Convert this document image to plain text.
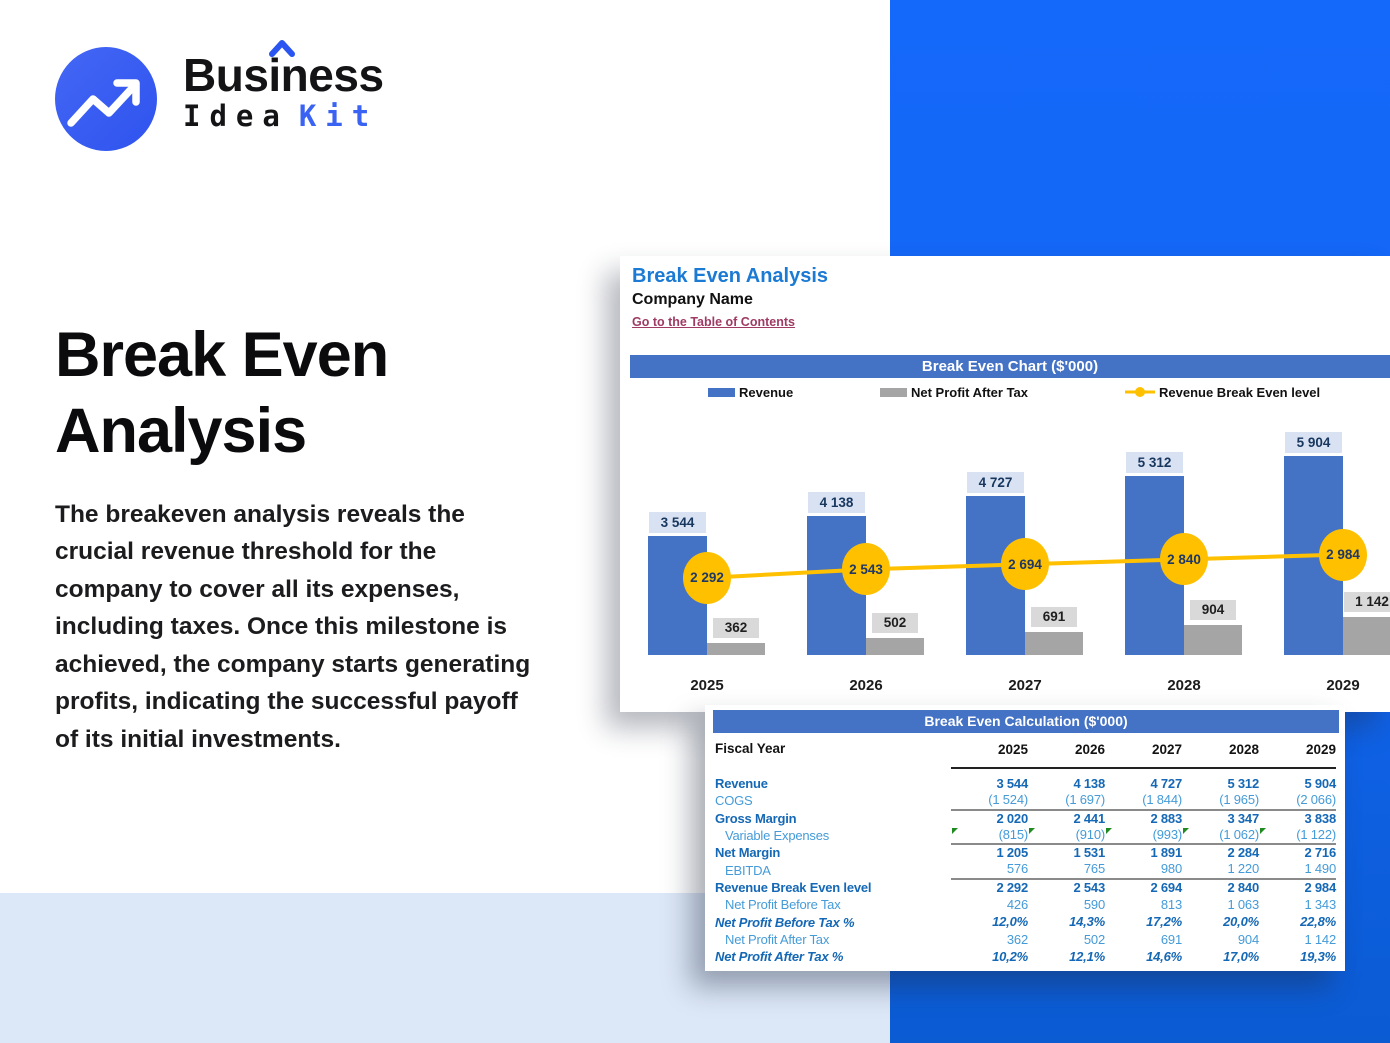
Business
Idea Kit
Break Even Analysis
The breakeven analysis reveals the crucial revenue threshold for the company to cover all its expenses, including taxes. Once this milestone is achieved, the company starts generating profits, indicating the successful payoff of its initial investments.
Break Even Analysis
Company Name
Go to the Table of Contents
Break Even Chart ($'000)
Revenue	Net Profit After Tax	Revenue Break Even level
3 544
362
2025
4 138
502
2026
4 727
691
2027
5 312
904
2028
5 904
1 142
2029
2 292
2 543	2 694	2 840	2 984
Break Even Calculation ($'000)
Fiscal Year	2025	2026	2027	2028	2029
Revenue	3 544	4 138	4 727	5 312	5 904
COGS	(1 524)	(1 697)	(1 844)	(1 965)	(2 066)
Gross Margin	2 020	2 441	2 883	3 347	3 838
Variable Expenses	(815)	(910)	(993)	(1 062)	(1 122)
Net Margin	1 205	1 531	1 891	2 284	2 716
EBITDA	576	765	980	1 220	1 490
Revenue Break Even level	2 292	2 543	2 694	2 840	2 984
Net Profit Before Tax	426	590	813	1 063	1 343
Net Profit Before Tax %	12,0%	14,3%	17,2%	20,0%	22,8%
Net Profit After Tax	362	502	691	904	1 142
Net Profit After Tax %	10,2%	12,1%	14,6%	17,0%	19,3%
